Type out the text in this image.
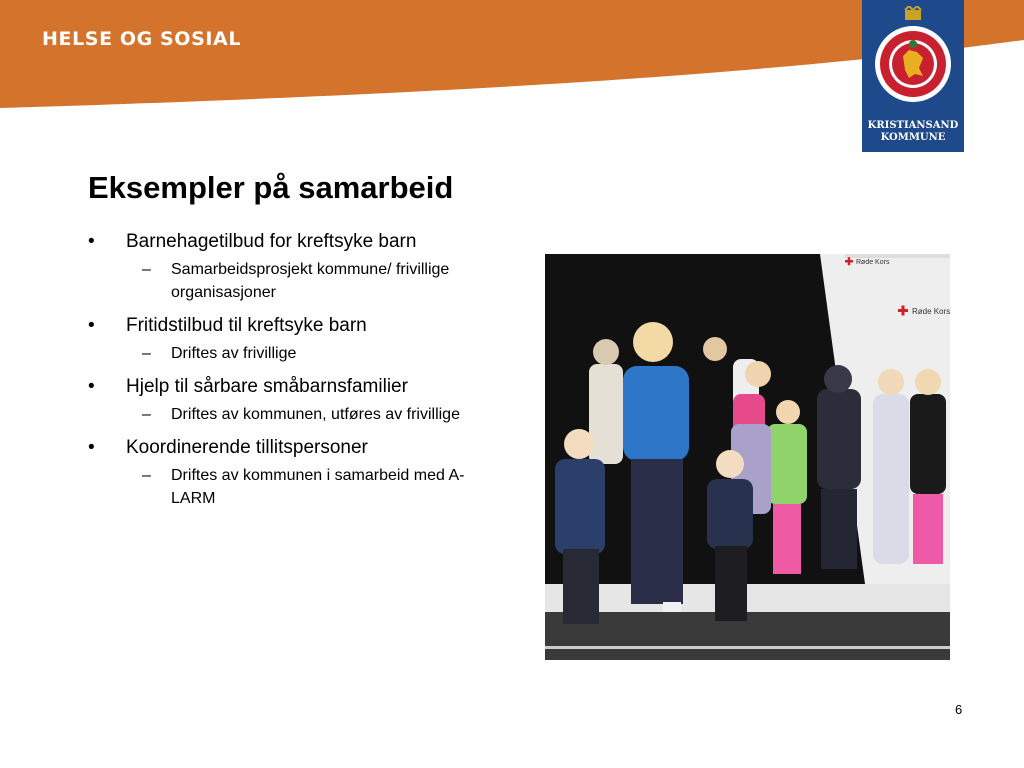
HELSE OG SOSIAL
KRISTIANSAND
KOMMUNE
Eksempler på samarbeid
• Barnehagetilbud for kreftsyke barn
– Samarbeidsprosjekt kommune/ frivillige organisasjoner
• Fritidstilbud til kreftsyke barn
– Driftes av frivillige
• Hjelp til sårbare småbarnsfamilier
– Driftes av kommunen, utføres av frivillige
• Koordinerende tillitspersoner
– Driftes av kommunen i samarbeid med A-LARM
Røde Kors
Røde Kors
6
